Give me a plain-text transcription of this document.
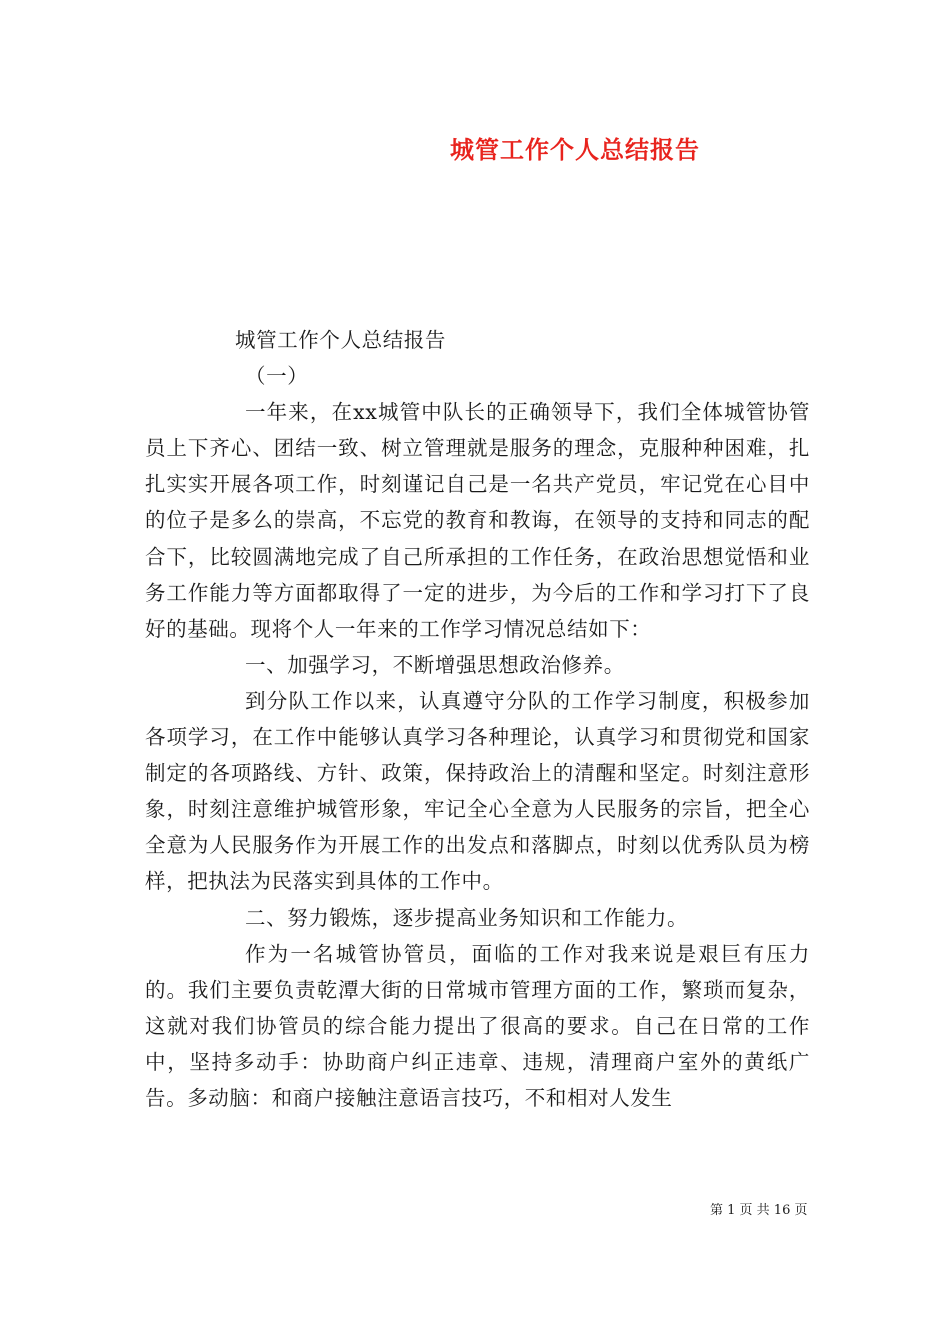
城管工作个人总结报告

城管工作个人总结报告

（一）

一年来，在xx城管中队长的正确领导下，我们全体城管协管员上下齐心、团结一致、树立管理就是服务的理念，克服种种困难，扎扎实实开展各项工作，时刻谨记自己是一名共产党员，牢记党在心目中的位子是多么的崇高，不忘党的教育和教诲，在领导的支持和同志的配合下，比较圆满地完成了自己所承担的工作任务，在政治思想觉悟和业务工作能力等方面都取得了一定的进步，为今后的工作和学习打下了良好的基础。现将个人一年来的工作学习情况总结如下：

一、加强学习，不断增强思想政治修养。

到分队工作以来，认真遵守分队的工作学习制度，积极参加各项学习，在工作中能够认真学习各种理论，认真学习和贯彻党和国家制定的各项路线、方针、政策，保持政治上的清醒和坚定。时刻注意形象，时刻注意维护城管形象，牢记全心全意为人民服务的宗旨，把全心全意为人民服务作为开展工作的出发点和落脚点，时刻以优秀队员为榜样，把执法为民落实到具体的工作中。

二、努力锻炼，逐步提高业务知识和工作能力。

作为一名城管协管员，面临的工作对我来说是艰巨有压力的。我们主要负责乾潭大街的日常城市管理方面的工作，繁琐而复杂，这就对我们协管员的综合能力提出了很高的要求。自己在日常的工作中，坚持多动手：协助商户纠正违章、违规，清理商户室外的黄纸广告。多动脑：和商户接触注意语言技巧，不和相对人发生

第 1 页 共 16 页
